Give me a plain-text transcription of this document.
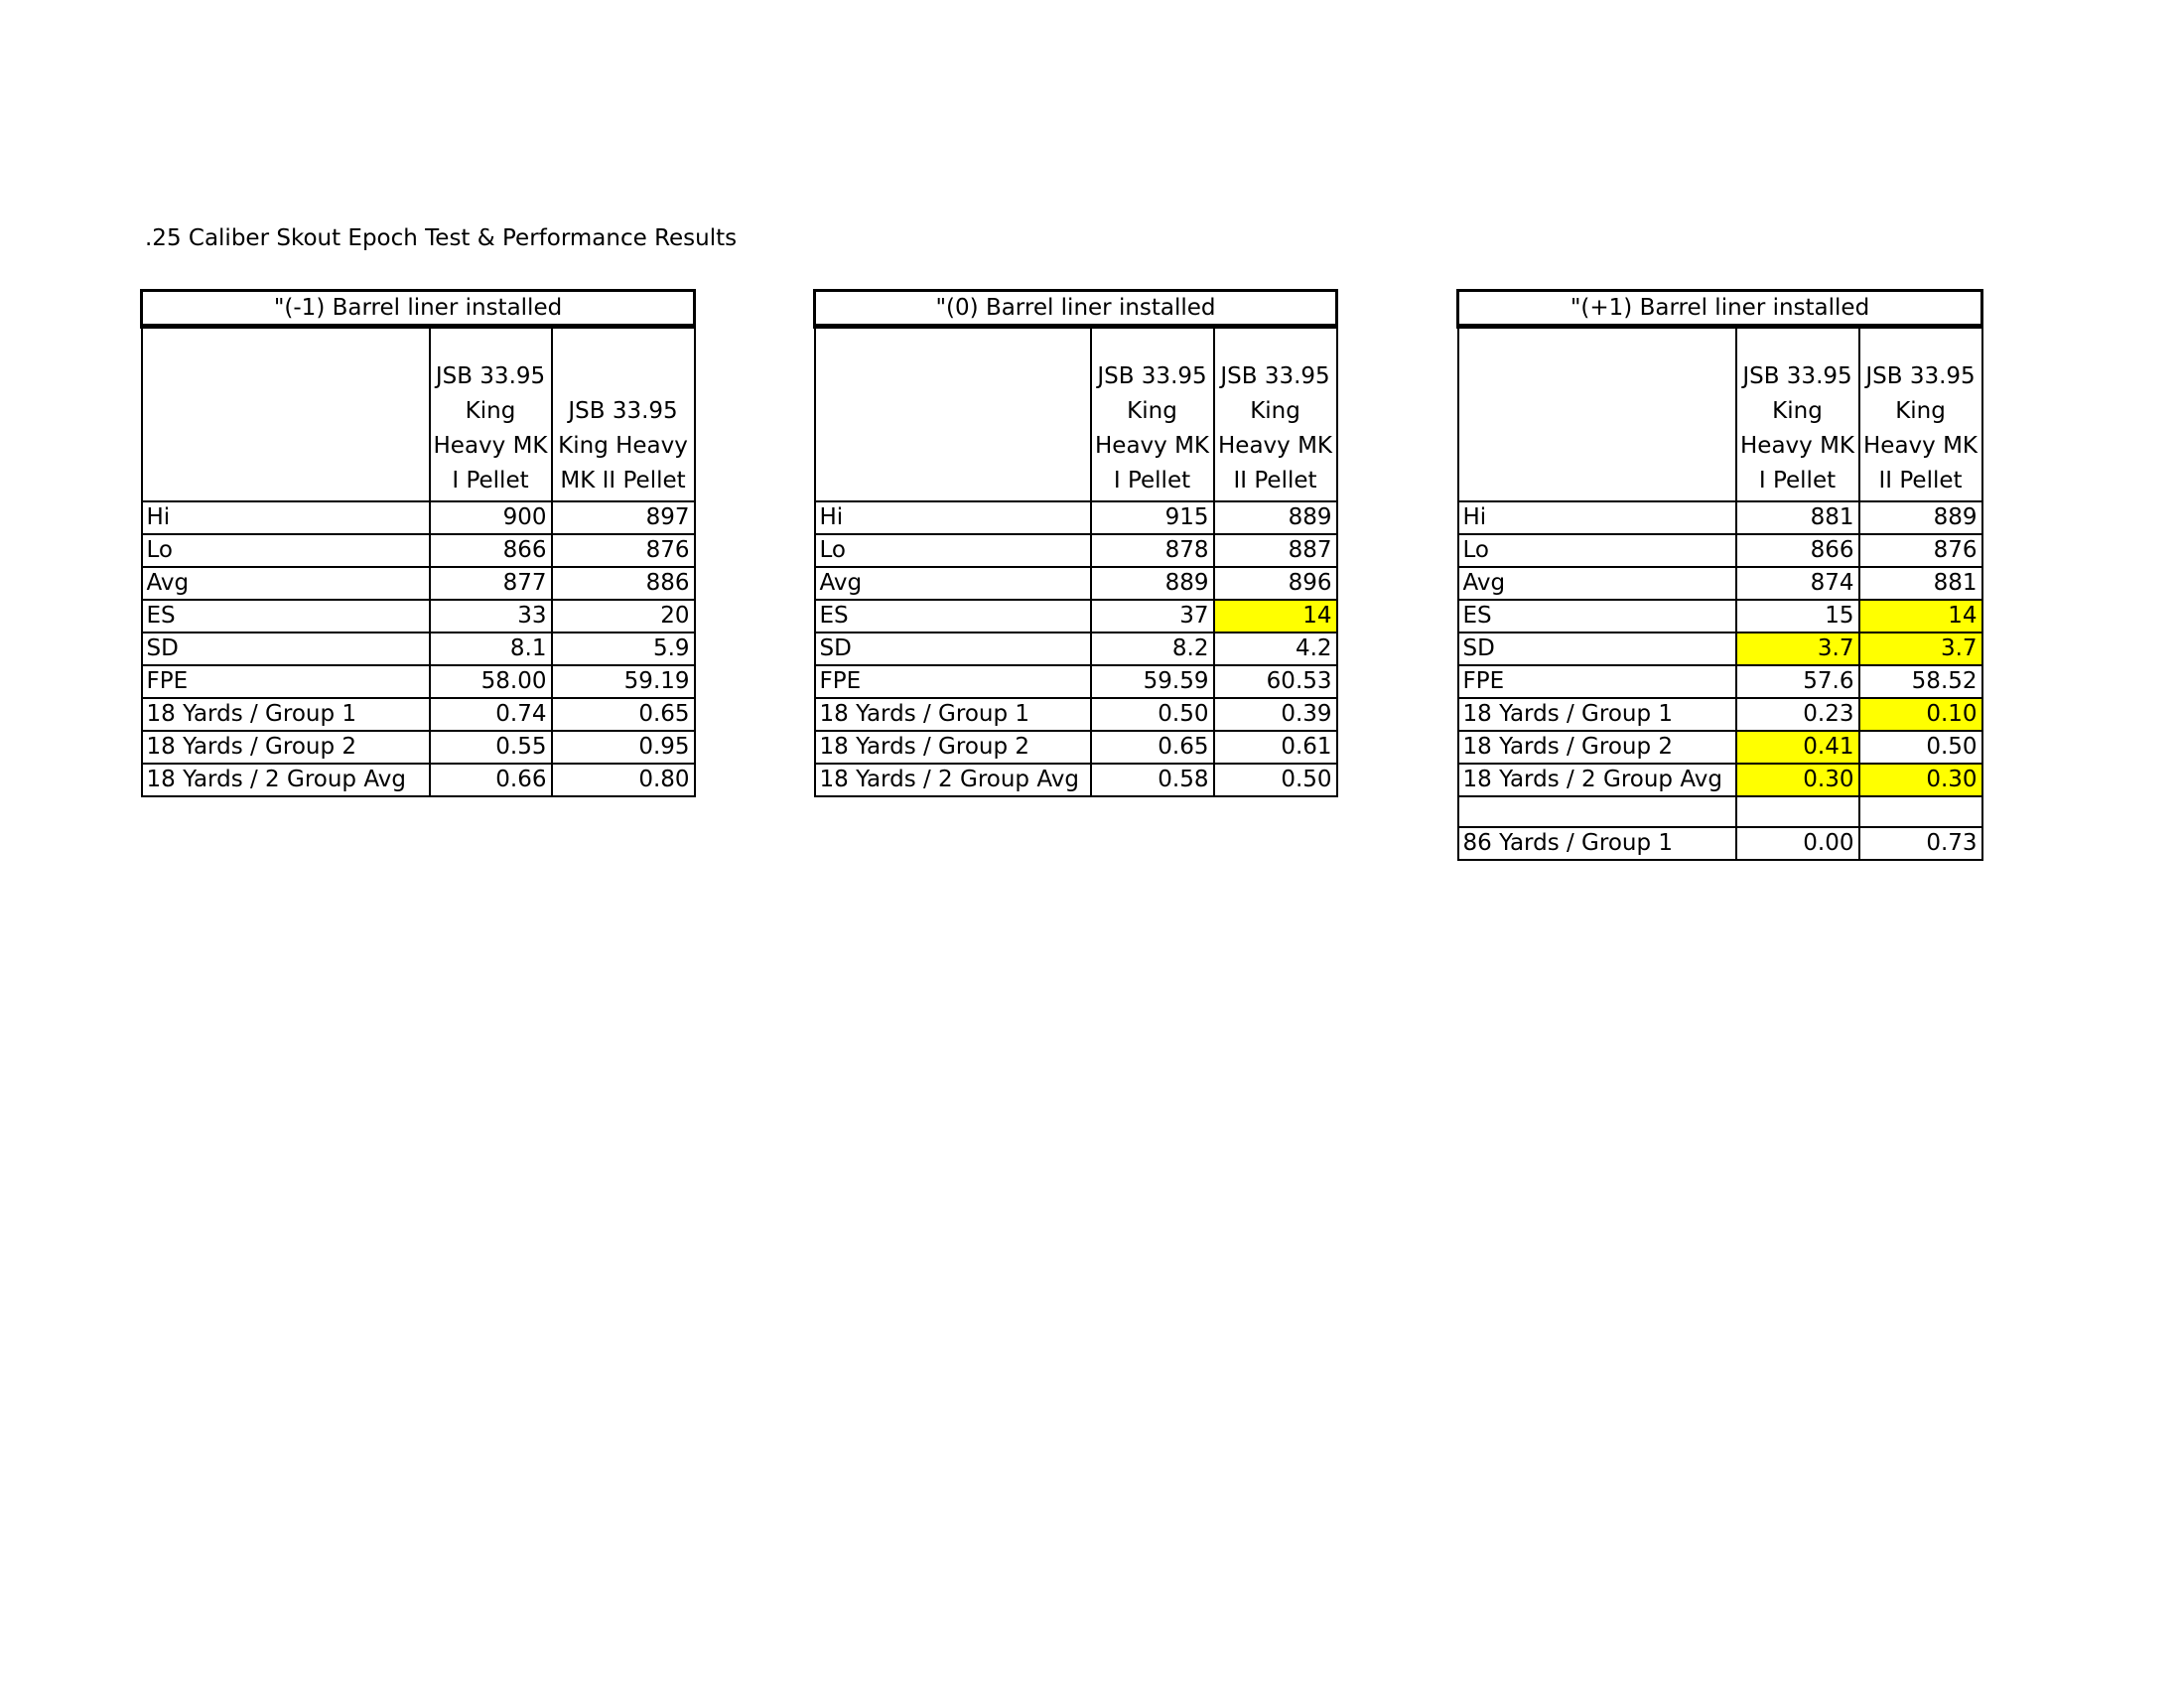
.25 Caliber Skout Epoch Test & Performance Results
"(-1) Barrel liner installed		
	JSB 33.95 King Heavy MK I Pellet	JSB 33.95 King Heavy MK II Pellet
Hi	900	897
Lo	866	876
Avg	877	886
ES	33	20
SD	8.1	5.9
FPE	58.00	59.19
18 Yards / Group 1	0.74	0.65
18 Yards / Group 2	0.55	0.95
18 Yards / 2 Group Avg	0.66	0.80
"(0) Barrel liner installed		
	JSB 33.95 King Heavy MK I Pellet	JSB 33.95 King Heavy MK II Pellet
Hi	915	889
Lo	878	887
Avg	889	896
ES	37	14
SD	8.2	4.2
FPE	59.59	60.53
18 Yards / Group 1	0.50	0.39
18 Yards / Group 2	0.65	0.61
18 Yards / 2 Group Avg	0.58	0.50
"(+1) Barrel liner installed		
	JSB 33.95 King Heavy MK I Pellet	JSB 33.95 King Heavy MK II Pellet
Hi	881	889
Lo	866	876
Avg	874	881
ES	15	14
SD	3.7	3.7
FPE	57.6	58.52
18 Yards / Group 1	0.23	0.10
18 Yards / Group 2	0.41	0.50
18 Yards / 2 Group Avg	0.30	0.30

86 Yards / Group 1	0.00	0.73
